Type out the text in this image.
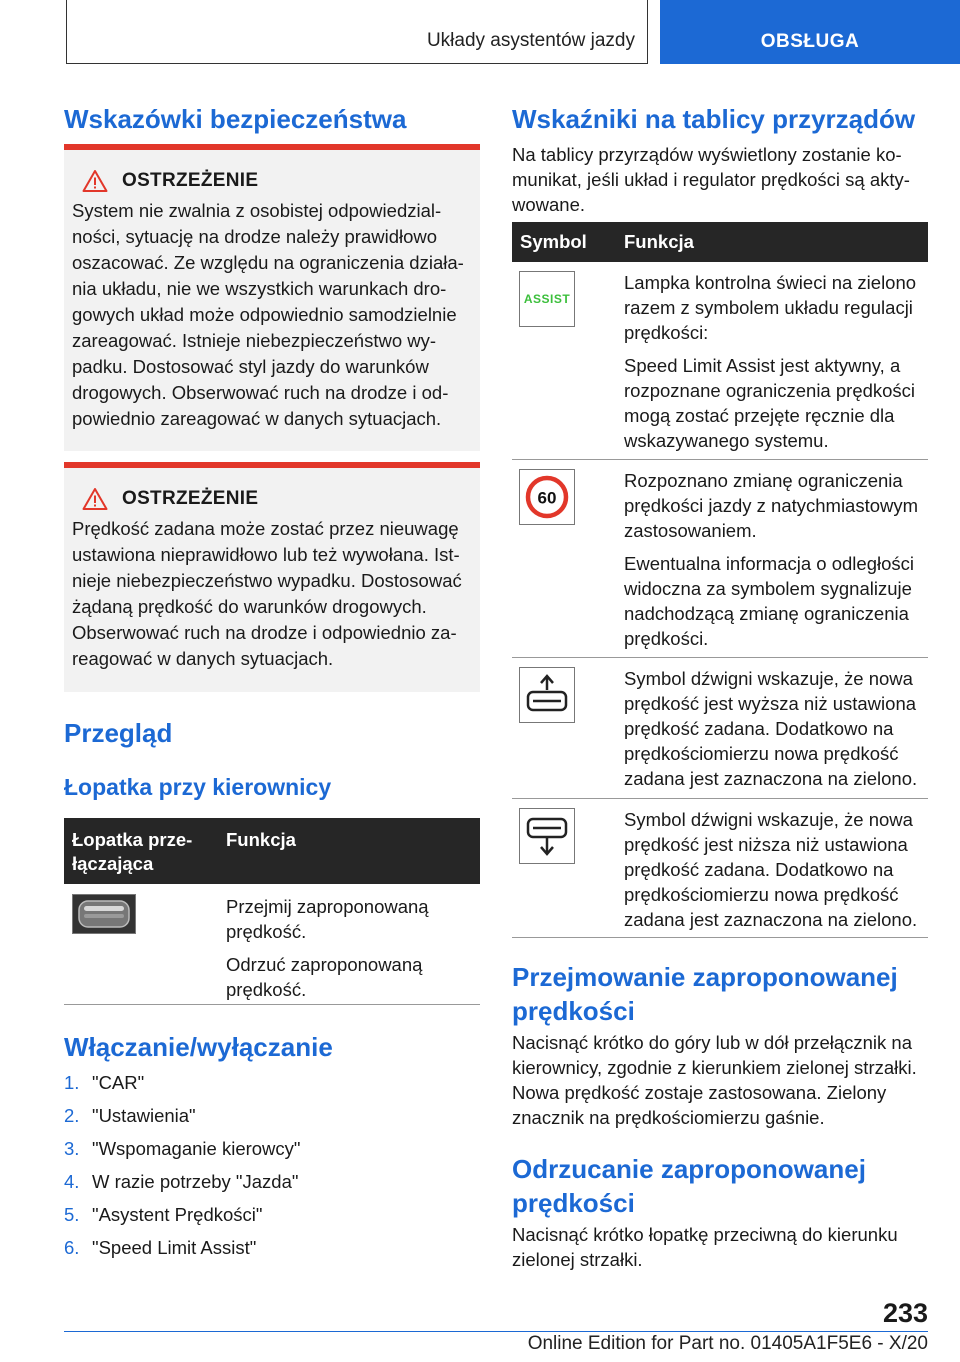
Układy asystentów jazdy	OBSŁUGA
Wskazówki bezpieczeństwa
OSTRZEŻENIE
System nie zwalnia z osobistej odpowiedzialności, sytuację na drodze należy prawidłowo oszacować. Ze względu na ograniczenia działania układu, nie we wszystkich warunkach drogowych układ może odpowiednio samodzielnie zareagować. Istnieje niebezpieczeństwo wypadku. Dostosować styl jazdy do warunków drogowych. Obserwować ruch na drodze i odpowiednio zareagować w danych sytuacjach.
OSTRZEŻENIE
Prędkość zadana może zostać przez nieuwagę ustawiona nieprawidłowo lub też wywołana. Istnieje niebezpieczeństwo wypadku. Dostosować żądaną prędkość do warunków drogowych. Obserwować ruch na drodze i odpowiednio zareagować w danych sytuacjach.
Przegląd
Łopatka przy kierownicy
Łopatka przełączająca
Funkcja

Przejmij zaproponowaną prędkość.

Odrzuć zaproponowaną prędkość.

Włączanie/wyłączanie
1. "CAR"
2. "Ustawienia"
3. "Wspomaganie kierowcy"
4. W razie potrzeby "Jazda"
5. "Asystent Prędkości"
6. "Speed Limit Assist"
Wskaźniki na tablicy przyrządów
Na tablicy przyrządów wyświetlony zostanie komunikat, jeśli układ i regulator prędkości są aktywowane.
Symbol	Funkcja
ASSIST

Lampka kontrolna świeci na zielono razem z symbolem układu regulacji prędkości:

Speed Limit Assist jest aktywny, a rozpoznane ograniczenia prędkości mogą zostać przejęte ręcznie dla wskazywanego systemu.

60

Rozpoznano zmianę ograniczenia prędkości jazdy z natychmiastowym zastosowaniem.

Ewentualna informacja o odległości widoczna za symbolem sygnalizuje nadchodzącą zmianę ograniczenia prędkości.

Symbol dźwigni wskazuje, że nowa prędkość jest wyższa niż ustawiona prędkość zadana. Dodatkowo na prędkościomierzu nowa prędkość zadana jest zaznaczona na zielono.

Symbol dźwigni wskazuje, że nowa prędkość jest niższa niż ustawiona prędkość zadana. Dodatkowo na prędkościomierzu nowa prędkość zadana jest zaznaczona na zielono.

Przejmowanie zaproponowanej prędkości
Nacisnąć krótko do góry lub w dół przełącznik na kierownicy, zgodnie z kierunkiem zielonej strzałki. Nowa prędkość zostaje zastosowana. Zielony znacznik na prędkościomierzu gaśnie.
Odrzucanie zaproponowanej prędkości
Nacisnąć krótko łopatkę przeciwną do kierunku zielonej strzałki.
233
Online Edition for Part no. 01405A1F5E6 - X/20
